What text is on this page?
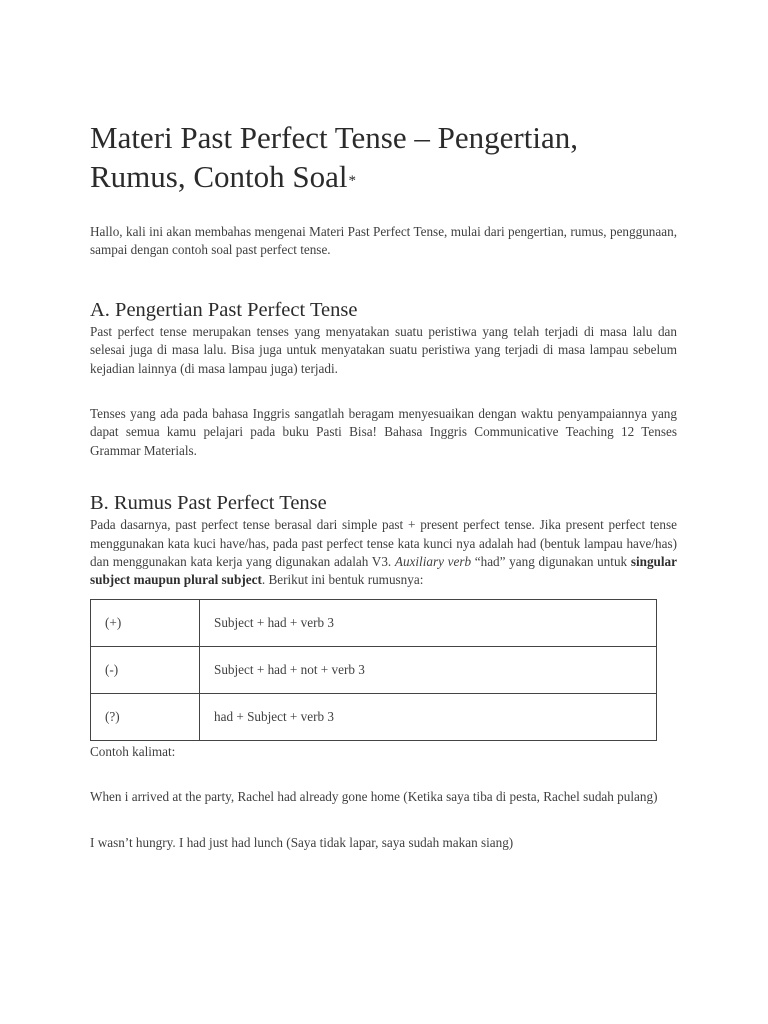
Materi Past Perfect Tense – Pengertian, Rumus, Contoh Soal*

Hallo, kali ini akan membahas mengenai Materi Past Perfect Tense, mulai dari pengertian, rumus, penggunaan, sampai dengan contoh soal past perfect tense.

A. Pengertian Past Perfect Tense

Past perfect tense merupakan tenses yang menyatakan suatu peristiwa yang telah terjadi di masa lalu dan selesai juga di masa lalu. Bisa juga untuk menyatakan suatu peristiwa yang terjadi di masa lampau sebelum kejadian lainnya (di masa lampau juga) terjadi.

Tenses yang ada pada bahasa Inggris sangatlah beragam menyesuaikan dengan waktu penyampaiannya yang dapat semua kamu pelajari pada buku Pasti Bisa! Bahasa Inggris Communicative Teaching 12 Tenses Grammar Materials.

B. Rumus Past Perfect Tense

Pada dasarnya, past perfect tense berasal dari simple past + present perfect tense. Jika present perfect tense menggunakan kata kuci have/has, pada past perfect tense kata kunci nya adalah had (bentuk lampau have/has) dan menggunakan kata kerja yang digunakan adalah V3. Auxiliary verb “had” yang digunakan untuk singular subject maupun plural subject. Berikut ini bentuk rumusnya:

(+)	Subject + had + verb 3
(-)	Subject + had + not + verb 3
(?)	had + Subject + verb 3

Contoh kalimat:

When i arrived at the party, Rachel had already gone home (Ketika saya tiba di pesta, Rachel sudah pulang)

I wasn’t hungry. I had just had lunch (Saya tidak lapar, saya sudah makan siang)
